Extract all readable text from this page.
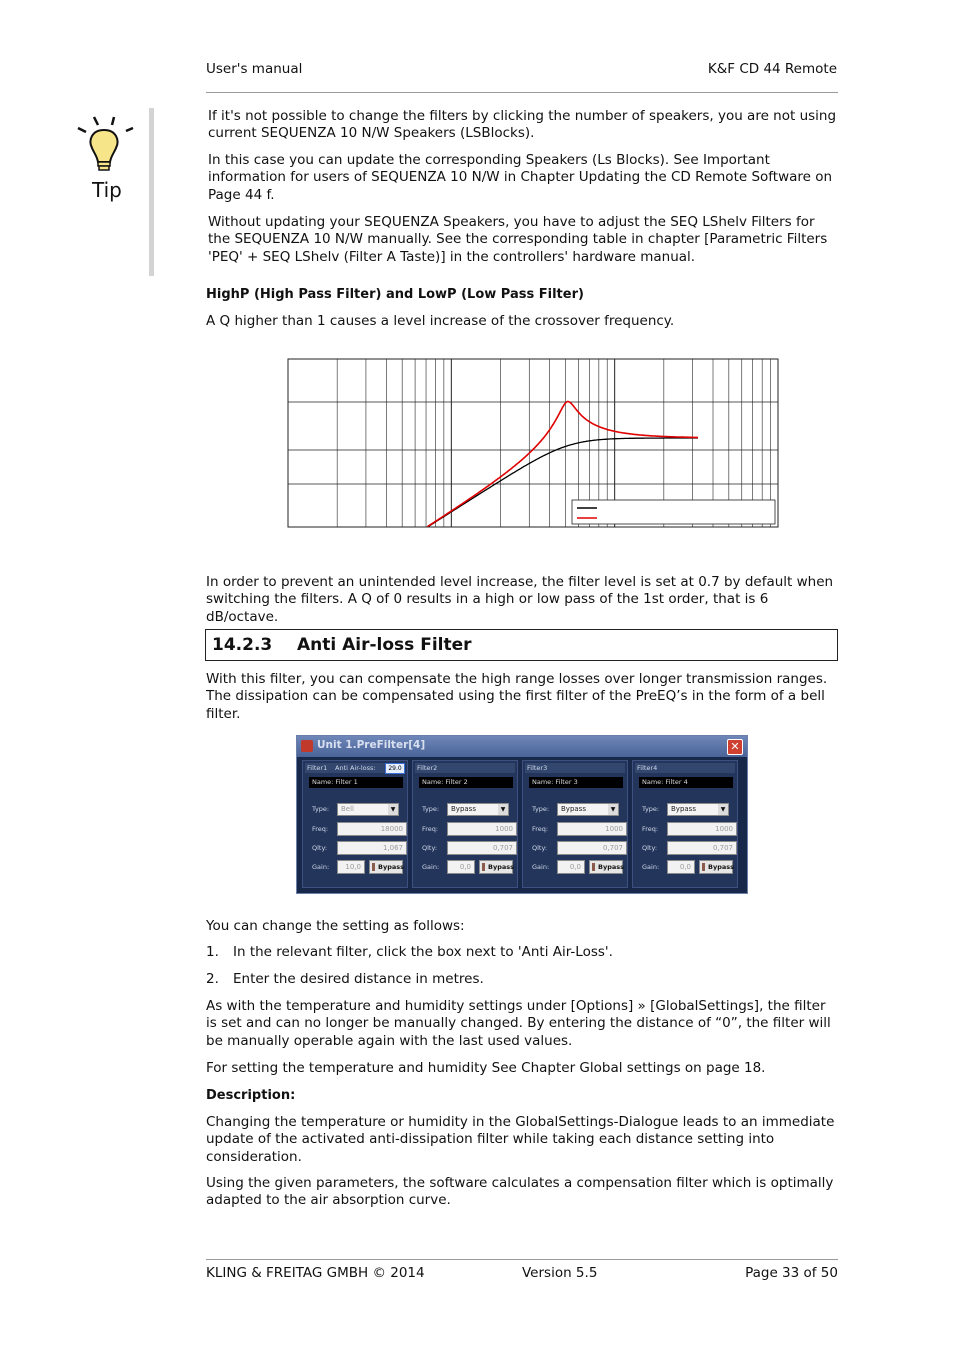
User's manual	K&F CD 44 Remote
Tip
If it's not possible to change the filters by clicking the number of speakers, you are not using current SEQUENZA 10 N/W Speakers (LSBlocks).
In this case you can update the corresponding Speakers (Ls Blocks). See Important information for users of SEQUENZA 10 N/W in Chapter Updating the CD Remote Software on Page 44 f.
Without updating your SEQUENZA Speakers, you have to adjust the SEQ LShelv Filters for the SEQUENZA 10 N/W manually. See the corresponding table in chapter [Parametric Filters 'PEQ' + SEQ LShelv (Filter A Taste)] in the controllers' hardware manual.
HighP (High Pass Filter) and LowP (Low Pass Filter)
A Q higher than 1 causes a level increase of the crossover frequency.
In order to prevent an unintended level increase, the filter level is set at 0.7 by default when switching the filters. A Q of 0 results in a high or low pass of the 1st order, that is 6 dB/octave.
14.2.3 Anti Air-loss Filter
With this filter, you can compensate the high range losses over longer transmission ranges. The dissipation can be compensated using the first filter of the PreEQ’s in the form of a bell filter.
Unit 1.PreFilter[4]	✕
Filter1 Anti Air-loss:	29.0
Name: Filter 1
Type:	Bell	▼
Freq:	18000
Qlty:	1,067
Gain:	10,0	Bypass
Filter2
Name: Filter 2
Type:	Bypass	▼
Freq:	1000
Qlty:	0,707
Gain:	0,0	Bypass
Filter3
Name: Filter 3
Type:	Bypass	▼
Freq:	1000
Qlty:	0,707
Gain:	0,0	Bypass
Filter4
Name: Filter 4
Type:	Bypass	▼
Freq:	1000
Qlty:	0,707
Gain:	0,0	Bypass
You can change the setting as follows:
1. In the relevant filter, click the box next to 'Anti Air-Loss'.
2. Enter the desired distance in metres.
As with the temperature and humidity settings under [Options] » [GlobalSettings], the filter is set and can no longer be manually changed. By entering the distance of “0”, the filter will be manually operable again with the last used values.
For setting the temperature and humidity See Chapter Global settings on page 18.
Description:
Changing the temperature or humidity in the GlobalSettings-Dialogue leads to an immediate update of the activated anti-dissipation filter while taking each distance setting into consideration.
Using the given parameters, the software calculates a compensation filter which is optimally adapted to the air absorption curve.
KLING & FREITAG GMBH © 2014	Version 5.5	Page 33 of 50
